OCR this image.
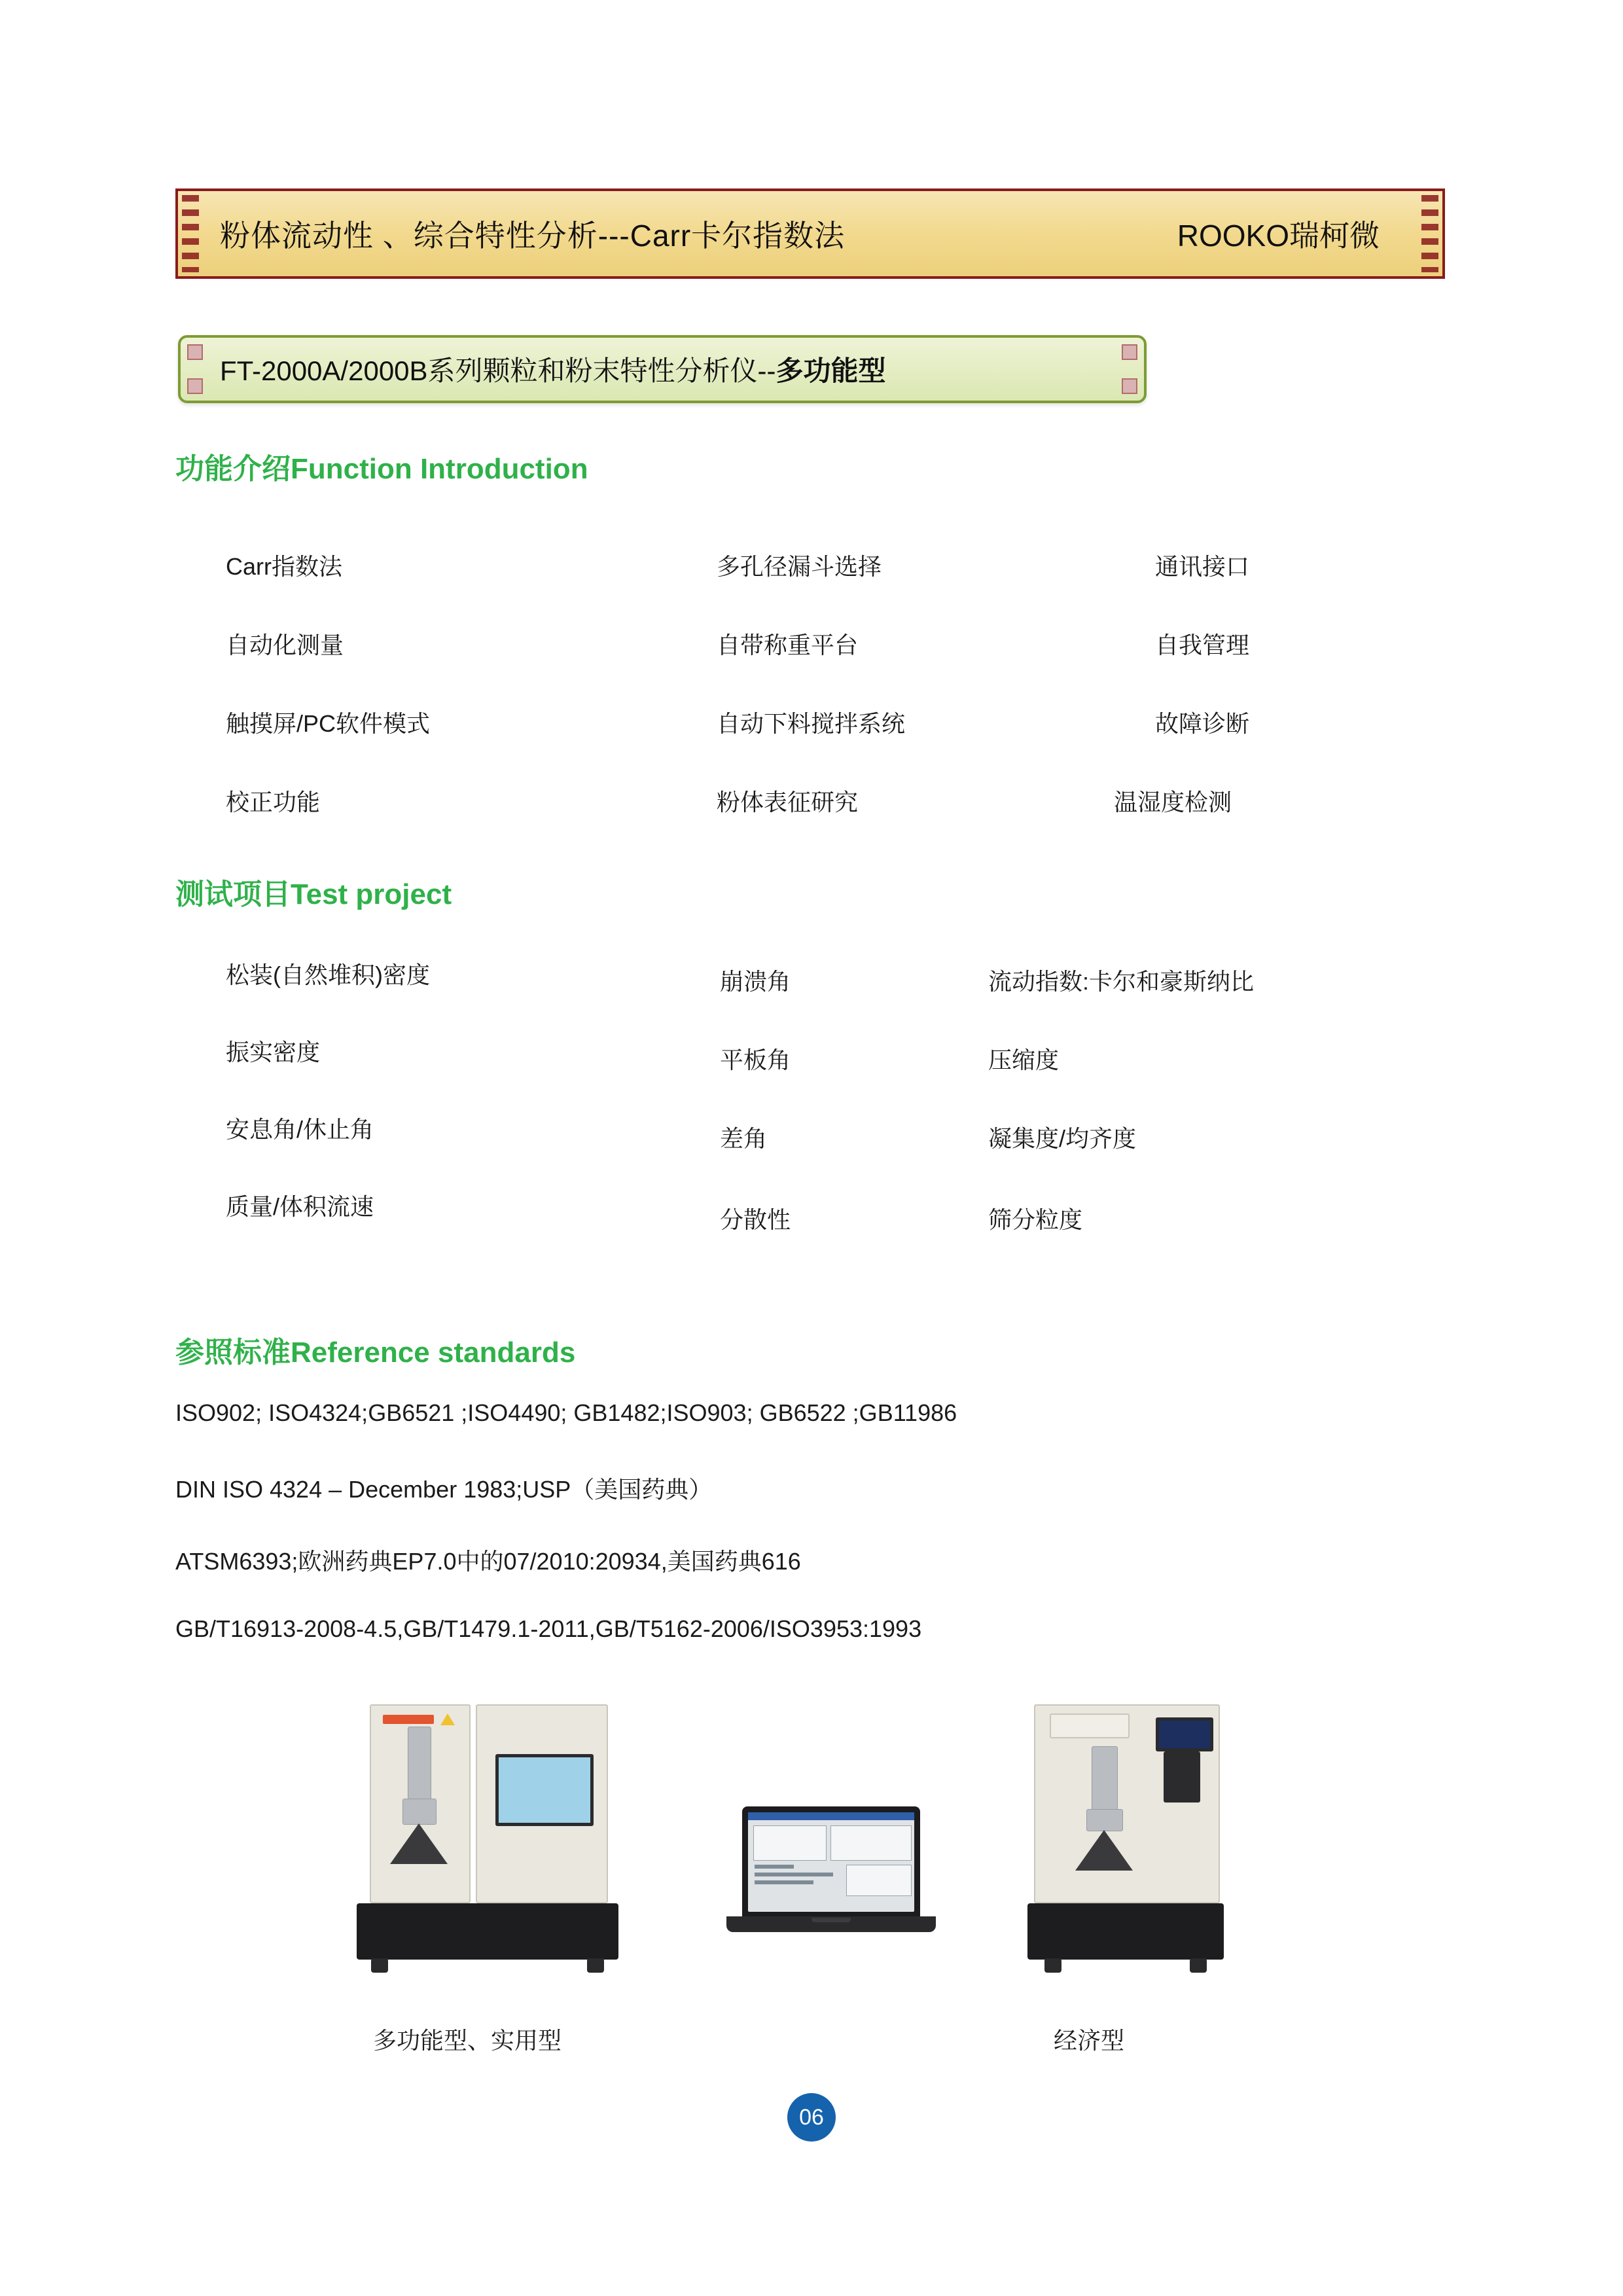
粉体流动性 、综合特性分析---Carr卡尔指数法	ROOKO瑞柯微
FT-2000A/2000B系列颗粒和粉末特性分析仪-- 多功能型
功能介绍Function Introduction
Carr指数法
自动化测量
触摸屏/PC软件模式
校正功能
多孔径漏斗选择
自带称重平台
自动下料搅拌系统
粉体表征研究
通讯接口
自我管理
故障诊断
温湿度检测
测试项目Test project
松装(自然堆积)密度
振实密度
安息角/休止角
质量/体积流速
崩溃角
平板角
差角
分散性
流动指数:卡尔和豪斯纳比
压缩度
凝集度/均齐度
筛分粒度
参照标准Reference standards
ISO902; ISO4324;GB6521 ;ISO4490; GB1482;ISO903; GB6522 ;GB11986
DIN ISO 4324 – December 1983;USP（美国药典）
ATSM6393;欧洲药典EP7.0中的07/2010:20934,美国药典616
GB/T16913-2008-4.5,GB/T1479.1-2011,GB/T5162-2006/ISO3953:1993
多功能型、实用型	经济型
06
